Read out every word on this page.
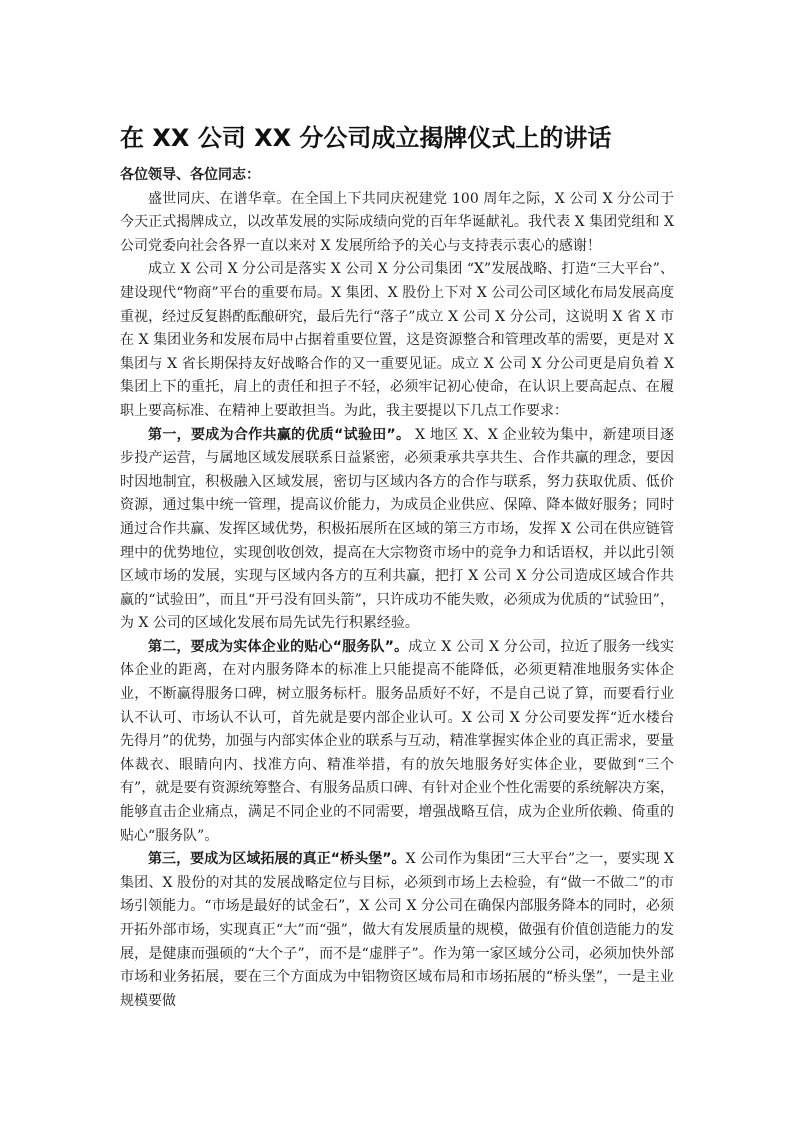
在 XX 公司 XX 分公司成立揭牌仪式上的讲话

各位领导、各位同志：

盛世同庆、在谱华章。在全国上下共同庆祝建党 100 周年之际，X 公司 X 分公司于今天正式揭牌成立，以改革发展的实际成绩向党的百年华诞献礼。我代表 X 集团党组和 X 公司党委向社会各界一直以来对 X 发展所给予的关心与支持表示衷心的感谢！

成立 X 公司 X 分公司是落实 X 公司 X 分公司集团 “X”发展战略、打造“三大平台”、建设现代“物商”平台的重要布局。X 集团、X 股份上下对 X 公司公司区域化布局发展高度重视，经过反复斟酌酝酿研究，最后先行“落子”成立 X 公司 X 分公司，这说明 X 省 X 市在 X 集团业务和发展布局中占据着重要位置，这是资源整合和管理改革的需要，更是对 X 集团与 X 省长期保持友好战略合作的又一重要见证。成立 X 公司 X 分公司更是肩负着 X 集团上下的重托，肩上的责任和担子不轻，必须牢记初心使命，在认识上要高起点、在履职上要高标准、在精神上要敢担当。为此，我主要提以下几点工作要求：

第一，要成为合作共赢的优质“试验田”。 X 地区 X、X 企业较为集中，新建项目逐步投产运营，与属地区域发展联系日益紧密，必须秉承共享共生、合作共赢的理念，要因时因地制宜，积极融入区域发展，密切与区域内各方的合作与联系，努力获取优质、低价资源，通过集中统一管理，提高议价能力，为成员企业供应、保障、降本做好服务；同时通过合作共赢、发挥区域优势，积极拓展所在区域的第三方市场，发挥 X 公司在供应链管理中的优势地位，实现创收创效，提高在大宗物资市场中的竞争力和话语权，并以此引领区域市场的发展，实现与区域内各方的互利共赢，把打 X 公司 X 分公司造成区域合作共赢的“试验田”，而且“开弓没有回头箭”，只许成功不能失败，必须成为优质的“试验田”，为 X 公司的区域化发展布局先试先行积累经验。

第二，要成为实体企业的贴心“服务队”。成立 X 公司 X 分公司，拉近了服务一线实体企业的距离，在对内服务降本的标准上只能提高不能降低，必须更精准地服务实体企业，不断赢得服务口碑，树立服务标杆。服务品质好不好，不是自己说了算，而要看行业认不认可、市场认不认可，首先就是要内部企业认可。X 公司 X 分公司要发挥“近水楼台先得月”的优势，加强与内部实体企业的联系与互动，精准掌握实体企业的真正需求，要量体裁衣、眼睛向内、找准方向、精准举措，有的放矢地服务好实体企业，要做到“三个有”，就是要有资源统筹整合、有服务品质口碑、有针对企业个性化需要的系统解决方案，能够直击企业痛点，满足不同企业的不同需要，增强战略互信，成为企业所依赖、倚重的贴心“服务队”。

第三，要成为区域拓展的真正“桥头堡”。X 公司作为集团“三大平台”之一，要实现 X 集团、X 股份的对其的发展战略定位与目标，必须到市场上去检验，有“做一不做二”的市场引领能力。“市场是最好的试金石”，X 公司 X 分公司在确保内部服务降本的同时，必须开拓外部市场，实现真正“大”而“强”，做大有发展质量的规模，做强有价值创造能力的发展，是健康而强硕的“大个子”，而不是“虚胖子”。作为第一家区域分公司，必须加快外部市场和业务拓展，要在三个方面成为中铝物资区域布局和市场拓展的“桥头堡”，一是主业规模要做
